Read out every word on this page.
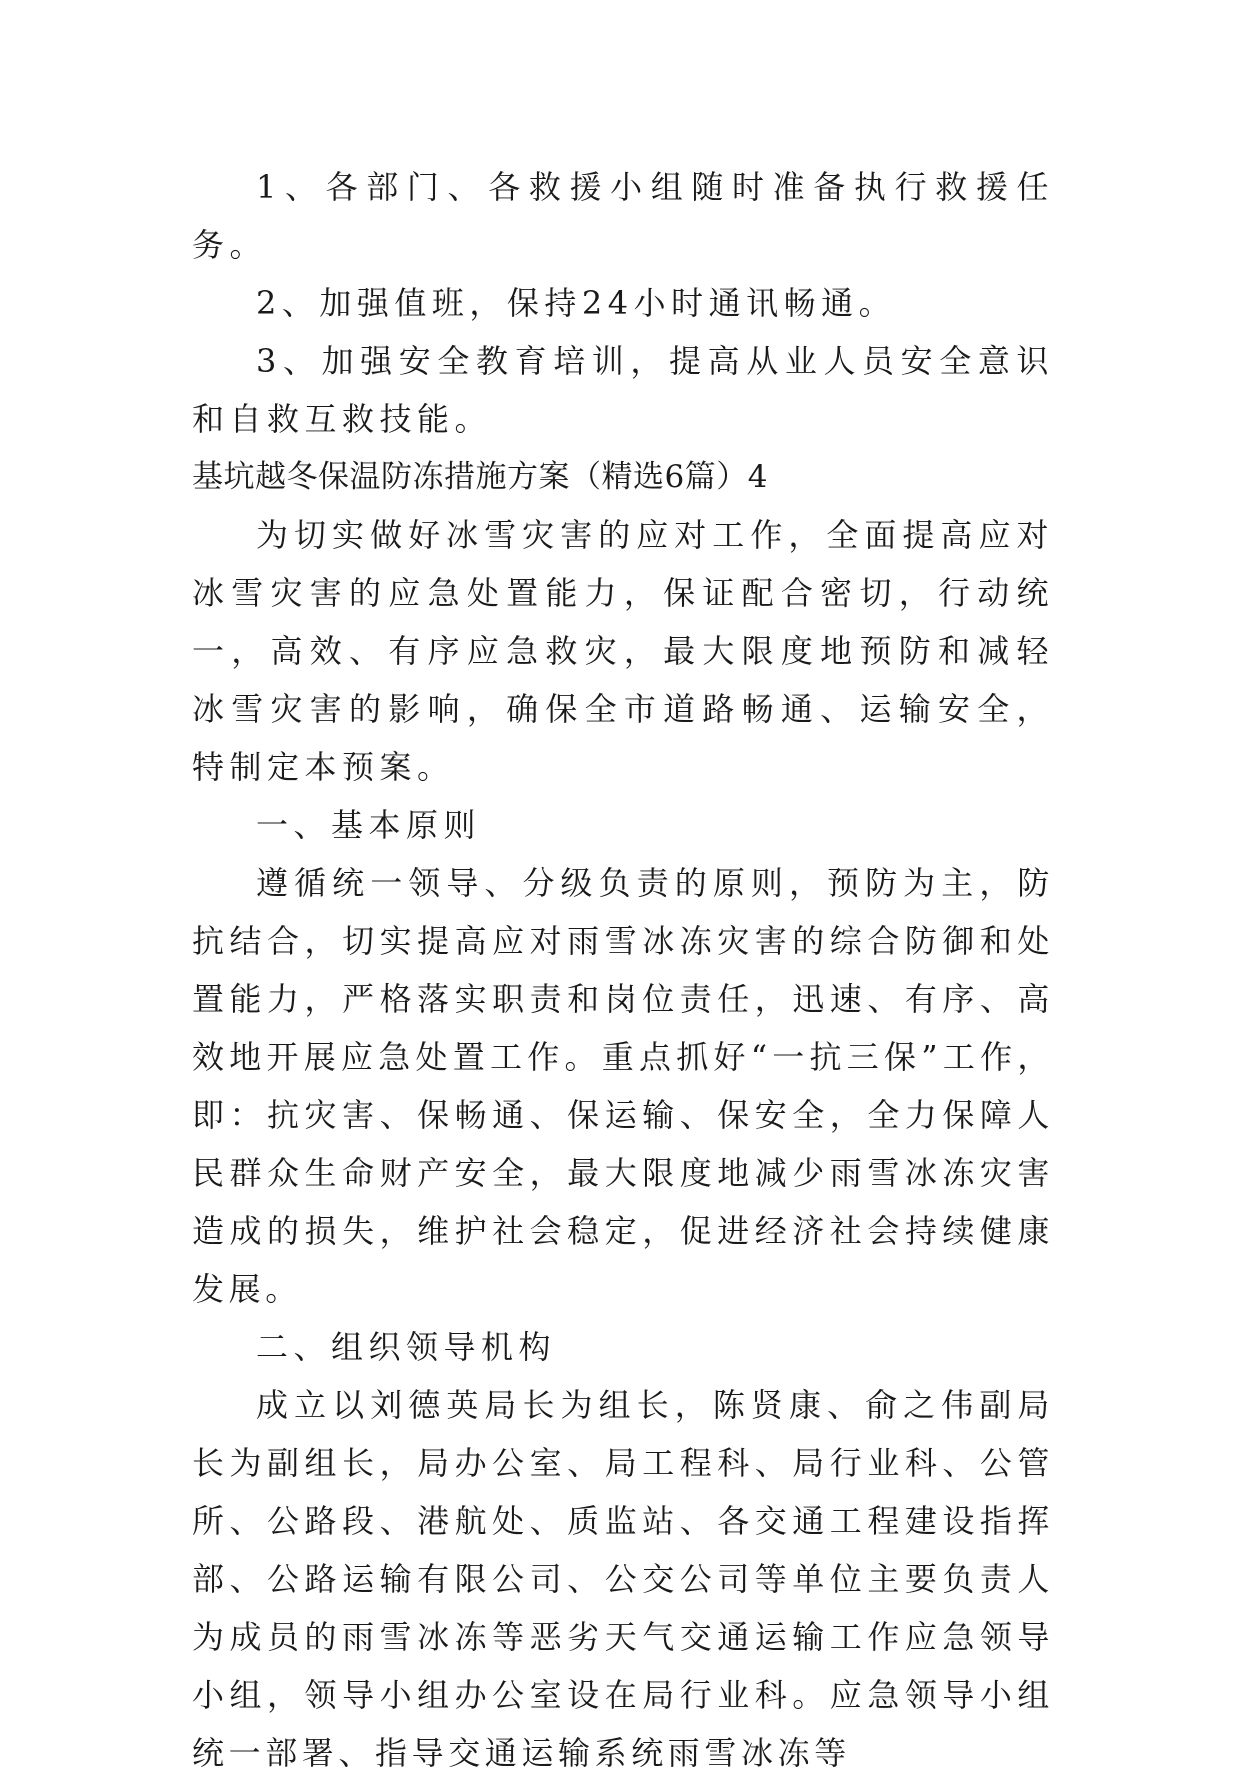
1、各部门、各救援小组随时准备执行救援任务。

2、加强值班，保持24小时通讯畅通。

3、加强安全教育培训，提高从业人员安全意识和自救互救技能。

基坑越冬保温防冻措施方案（精选6篇）4

为切实做好冰雪灾害的应对工作，全面提高应对冰雪灾害的应急处置能力，保证配合密切，行动统一，高效、有序应急救灾，最大限度地预防和减轻冰雪灾害的影响，确保全市道路畅通、运输安全，特制定本预案。

一、基本原则

遵循统一领导、分级负责的原则，预防为主，防抗结合，切实提高应对雨雪冰冻灾害的综合防御和处置能力，严格落实职责和岗位责任，迅速、有序、高效地开展应急处置工作。重点抓好“一抗三保”工作，即：抗灾害、保畅通、保运输、保安全，全力保障人民群众生命财产安全，最大限度地减少雨雪冰冻灾害造成的损失，维护社会稳定，促进经济社会持续健康发展。

二、组织领导机构

成立以刘德英局长为组长，陈贤康、俞之伟副局长为副组长，局办公室、局工程科、局行业科、公管所、公路段、港航处、质监站、各交通工程建设指挥部、公路运输有限公司、公交公司等单位主要负责人为成员的雨雪冰冻等恶劣天气交通运输工作应急领导小组，领导小组办公室设在局行业科。应急领导小组统一部署、指导交通运输系统雨雪冰冻等
